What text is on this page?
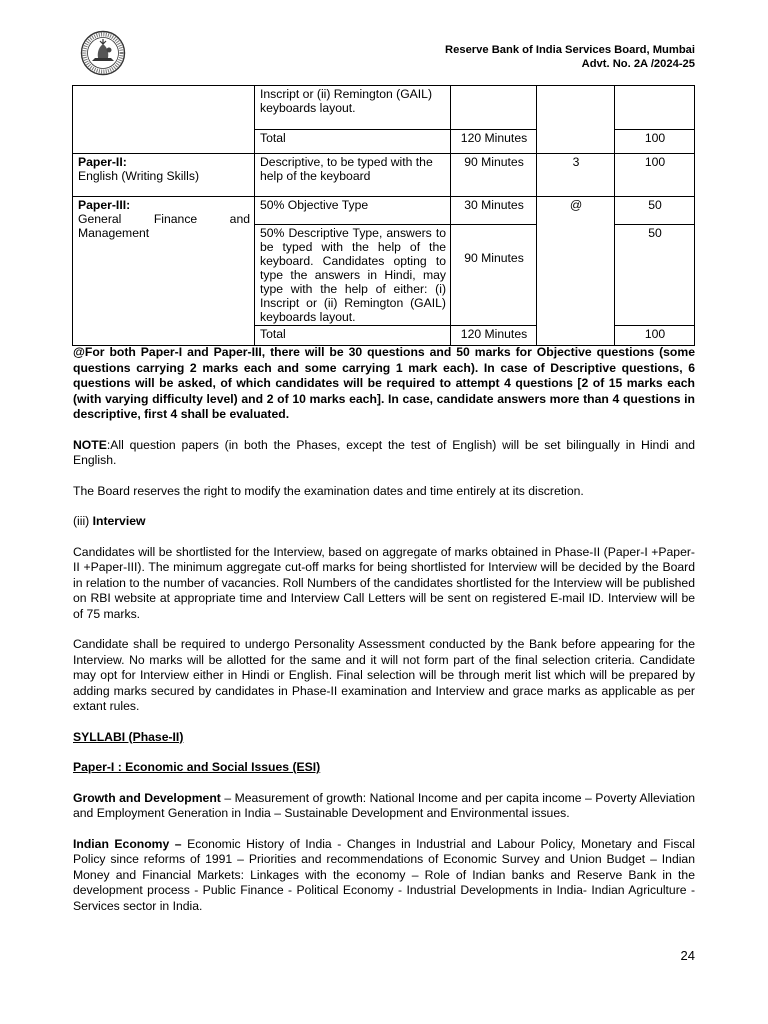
Reserve Bank of India Services Board, Mumbai
Advt. No. 2A /2024-25
	Inscript or (ii) Remington (GAIL) keyboards layout.			
	Total	120 Minutes		100

Paper-II:
English (Writing Skills)	Descriptive, to be typed with the help of the keyboard	90 Minutes	3	100

Paper-III:
General Finance and Management	50% Objective Type	30 Minutes	@	50
	50% Descriptive Type, answers to be typed with the help of the keyboard. Candidates opting to type the answers in Hindi, may type with the help of either: (i) Inscript or (ii) Remington (GAIL) keyboards layout.	90 Minutes		50
	Total	120 Minutes		100

@For both Paper-I and Paper-III, there will be 30 questions and 50 marks for Objective questions (some questions carrying 2 marks each and some carrying 1 mark each). In case of Descriptive questions, 6 questions will be asked, of which candidates will be required to attempt 4 questions [2 of 15 marks each (with varying difficulty level) and 2 of 10 marks each]. In case, candidate answers more than 4 questions in descriptive, first 4 shall be evaluated.

NOTE:All question papers (in both the Phases, except the test of English) will be set bilingually in Hindi and English.

The Board reserves the right to modify the examination dates and time entirely at its discretion.

(iii) Interview

Candidates will be shortlisted for the Interview, based on aggregate of marks obtained in Phase-II (Paper-I +Paper-II +Paper-III). The minimum aggregate cut-off marks for being shortlisted for Interview will be decided by the Board in relation to the number of vacancies. Roll Numbers of the candidates shortlisted for the Interview will be published on RBI website at appropriate time and Interview Call Letters will be sent on registered E-mail ID. Interview will be of 75 marks.

Candidate shall be required to undergo Personality Assessment conducted by the Bank before appearing for the Interview. No marks will be allotted for the same and it will not form part of the final selection criteria. Candidate may opt for Interview either in Hindi or English. Final selection will be through merit list which will be prepared by adding marks secured by candidates in Phase-II examination and Interview and grace marks as applicable as per extant rules.

SYLLABI (Phase-II)

Paper-I : Economic and Social Issues (ESI)

Growth and Development – Measurement of growth: National Income and per capita income – Poverty Alleviation and Employment Generation in India – Sustainable Development and Environmental issues.

Indian Economy – Economic History of India - Changes in Industrial and Labour Policy, Monetary and Fiscal Policy since reforms of 1991 – Priorities and recommendations of Economic Survey and Union Budget – Indian Money and Financial Markets: Linkages with the economy – Role of Indian banks and Reserve Bank in the development process - Public Finance - Political Economy - Industrial Developments in India- Indian Agriculture - Services sector in India.

24
